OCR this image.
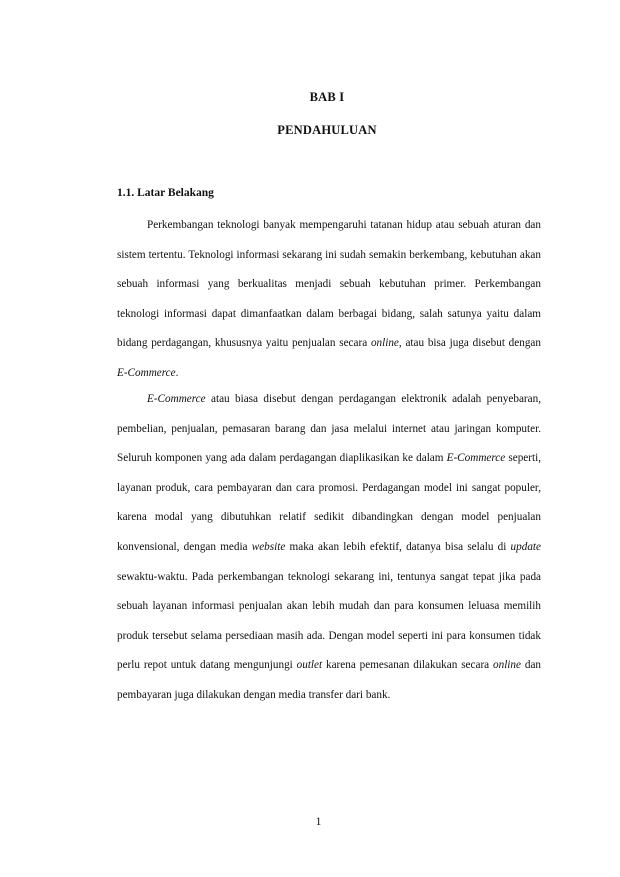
BAB I
PENDAHULUAN
1.1. Latar Belakang

Perkembangan teknologi banyak mempengaruhi tatanan hidup atau sebuah aturan dan sistem tertentu. Teknologi informasi sekarang ini sudah semakin berkembang, kebutuhan akan sebuah informasi yang berkualitas menjadi sebuah kebutuhan primer. Perkembangan teknologi informasi dapat dimanfaatkan dalam berbagai bidang, salah satunya yaitu dalam bidang perdagangan, khususnya yaitu penjualan secara online, atau bisa juga disebut dengan E-Commerce.

E-Commerce atau biasa disebut dengan perdagangan elektronik adalah penyebaran, pembelian, penjualan, pemasaran barang dan jasa melalui internet atau jaringan komputer. Seluruh komponen yang ada dalam perdagangan diaplikasikan ke dalam E-Commerce seperti, layanan produk, cara pembayaran dan cara promosi. Perdagangan model ini sangat populer, karena modal yang dibutuhkan relatif sedikit dibandingkan dengan model penjualan konvensional, dengan media website maka akan lebih efektif, datanya bisa selalu di update sewaktu-waktu. Pada perkembangan teknologi sekarang ini, tentunya sangat tepat jika pada sebuah layanan informasi penjualan akan lebih mudah dan para konsumen leluasa memilih produk tersebut selama persediaan masih ada. Dengan model seperti ini para konsumen tidak perlu repot untuk datang mengunjungi outlet karena pemesanan dilakukan secara online dan pembayaran juga dilakukan dengan media transfer dari bank.

1
